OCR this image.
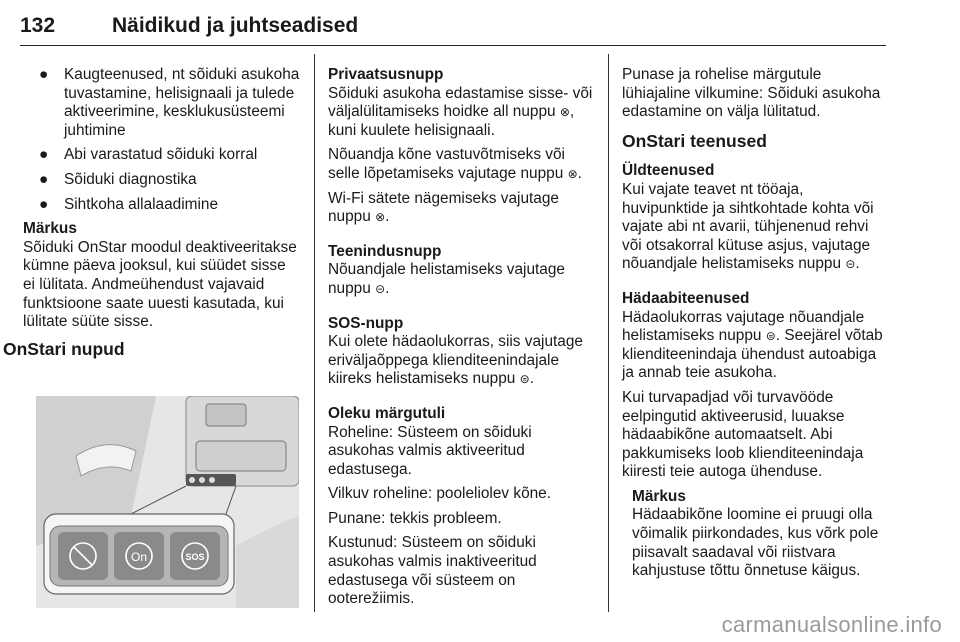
132	Näidikud ja juhtseadised
● Kaugteenused, nt sõiduki asukoha tuvastamine, helisignaali ja tulede aktiveerimine, kesklukusüsteemi juhtimine
● Abi varastatud sõiduki korral
● Sõiduki diagnostika
● Sihtkoha allalaadimine
Märkus
Sõiduki OnStar moodul deaktiveeritakse kümne päeva jooksul, kui süüdet sisse ei lülitata. Andmeühendust vajavaid funktsioone saate uuesti kasutada, kui lülitate süüte sisse.
OnStari nupud
On	SOS
Privaatsusnupp
Sõiduki asukoha edastamise sisse- või väljalülitamiseks hoidke all nuppu ⊗, kuni kuulete helisignaali.
Nõuandja kõne vastuvõtmiseks või selle lõpetamiseks vajutage nuppu ⊗.
Wi-Fi sätete nägemiseks vajutage nuppu ⊗.
Teenindusnupp
Nõuandjale helistamiseks vajutage nuppu ⊝.
SOS-nupp
Kui olete hädaolukorras, siis vajutage eriväljaõppega klienditeenindajale kiireks helistamiseks nuppu ⊜.
Oleku märgutuli
Roheline: Süsteem on sõiduki asukohas valmis aktiveeritud edastusega.
Vilkuv roheline: pooleliolev kõne.
Punane: tekkis probleem.
Kustunud: Süsteem on sõiduki asukohas valmis inaktiveeritud edastusega või süsteem on ooterežiimis.
Punase ja rohelise märgutule lühiajaline vilkumine: Sõiduki asukoha edastamine on välja lülitatud.
OnStari teenused
Üldteenused
Kui vajate teavet nt tööaja, huvipunktide ja sihtkohtade kohta või vajate abi nt avarii, tühjenenud rehvi või otsakorral kütuse asjus, vajutage nõuandjale helistamiseks nuppu ⊝.
Hädaabiteenused
Hädaolukorras vajutage nõuandjale helistamiseks nuppu ⊜. Seejärel võtab klienditeenindaja ühendust autoabiga ja annab teie asukoha.
Kui turvapadjad või turvavööde eelpingutid aktiveerusid, luuakse hädaabikõne automaatselt. Abi pakkumiseks loob klienditeenindaja kiiresti teie autoga ühenduse.
Märkus
Hädaabikõne loomine ei pruugi olla võimalik piirkondades, kus võrk pole piisavalt saadaval või riistvara kahjustuse tõttu õnnetuse käigus.
carmanualsonline.info
